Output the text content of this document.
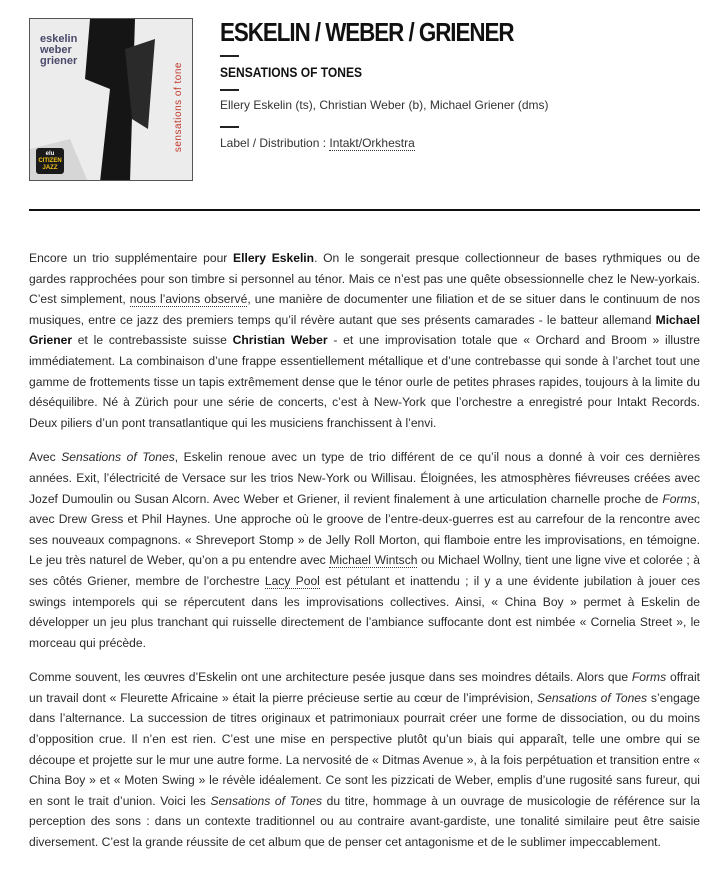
eskelin
weber
griener
sensations of tone
elu
CITIZEN JAZZ
ESKELIN / WEBER / GRIENER
SENSATIONS OF TONES
Ellery Eskelin (ts), Christian Weber (b), Michael Griener (dms)
Label / Distribution : Intakt/Orkhestra

Encore un trio supplémentaire pour Ellery Eskelin. On le songerait presque collectionneur de bases rythmiques ou de gardes rapprochées pour son timbre si personnel au ténor. Mais ce n’est pas une quête obsessionnelle chez le New-yorkais. C’est simplement, nous l’avions observé, une manière de documenter une filiation et de se situer dans le continuum de nos musiques, entre ce jazz des premiers temps qu’il révère autant que ses présents camarades - le batteur allemand Michael Griener et le contrebassiste suisse Christian Weber - et une improvisation totale que « Orchard and Broom » illustre immédiatement. La combinaison d’une frappe essentiellement métallique et d’une contrebasse qui sonde à l’archet tout une gamme de frottements tisse un tapis extrêmement dense que le ténor ourle de petites phrases rapides, toujours à la limite du déséquilibre. Né à Zürich pour une série de concerts, c’est à New-York que l’orchestre a enregistré pour Intakt Records. Deux piliers d’un pont transatlantique qui les musiciens franchissent à l’envi.

Avec Sensations of Tones, Eskelin renoue avec un type de trio différent de ce qu’il nous a donné à voir ces dernières années. Exit, l’électricité de Versace sur les trios New-York ou Willisau. Éloignées, les atmosphères fiévreuses créées avec Jozef Dumoulin ou Susan Alcorn. Avec Weber et Griener, il revient finalement à une articulation charnelle proche de Forms, avec Drew Gress et Phil Haynes. Une approche où le groove de l’entre-deux-guerres est au carrefour de la rencontre avec ses nouveaux compagnons. « Shreveport Stomp » de Jelly Roll Morton, qui flamboie entre les improvisations, en témoigne. Le jeu très naturel de Weber, qu’on a pu entendre avec Michael Wintsch ou Michael Wollny, tient une ligne vive et colorée ; à ses côtés Griener, membre de l’orchestre Lacy Pool est pétulant et inattendu ; il y a une évidente jubilation à jouer ces swings intemporels qui se répercutent dans les improvisations collectives. Ainsi, « China Boy » permet à Eskelin de développer un jeu plus tranchant qui ruisselle directement de l’ambiance suffocante dont est nimbée « Cornelia Street », le morceau qui précède.

Comme souvent, les œuvres d’Eskelin ont une architecture pesée jusque dans ses moindres détails. Alors que Forms offrait un travail dont « Fleurette Africaine » était la pierre précieuse sertie au cœur de l’imprévision, Sensations of Tones s’engage dans l’alternance. La succession de titres originaux et patrimoniaux pourrait créer une forme de dissociation, ou du moins d’opposition crue. Il n’en est rien. C’est une mise en perspective plutôt qu’un biais qui apparaît, telle une ombre qui se découpe et projette sur le mur une autre forme. La nervosité de « Ditmas Avenue », à la fois perpétuation et transition entre « China Boy » et « Moten Swing » le révèle idéalement. Ce sont les pizzicati de Weber, emplis d’une rugosité sans fureur, qui en sont le trait d’union. Voici les Sensations of Tones du titre, hommage à un ouvrage de musicologie de référence sur la perception des sons : dans un contexte traditionnel ou au contraire avant-gardiste, une tonalité similaire peut être saisie diversement. C’est la grande réussite de cet album que de penser cet antagonisme et de le sublimer impeccablement.
